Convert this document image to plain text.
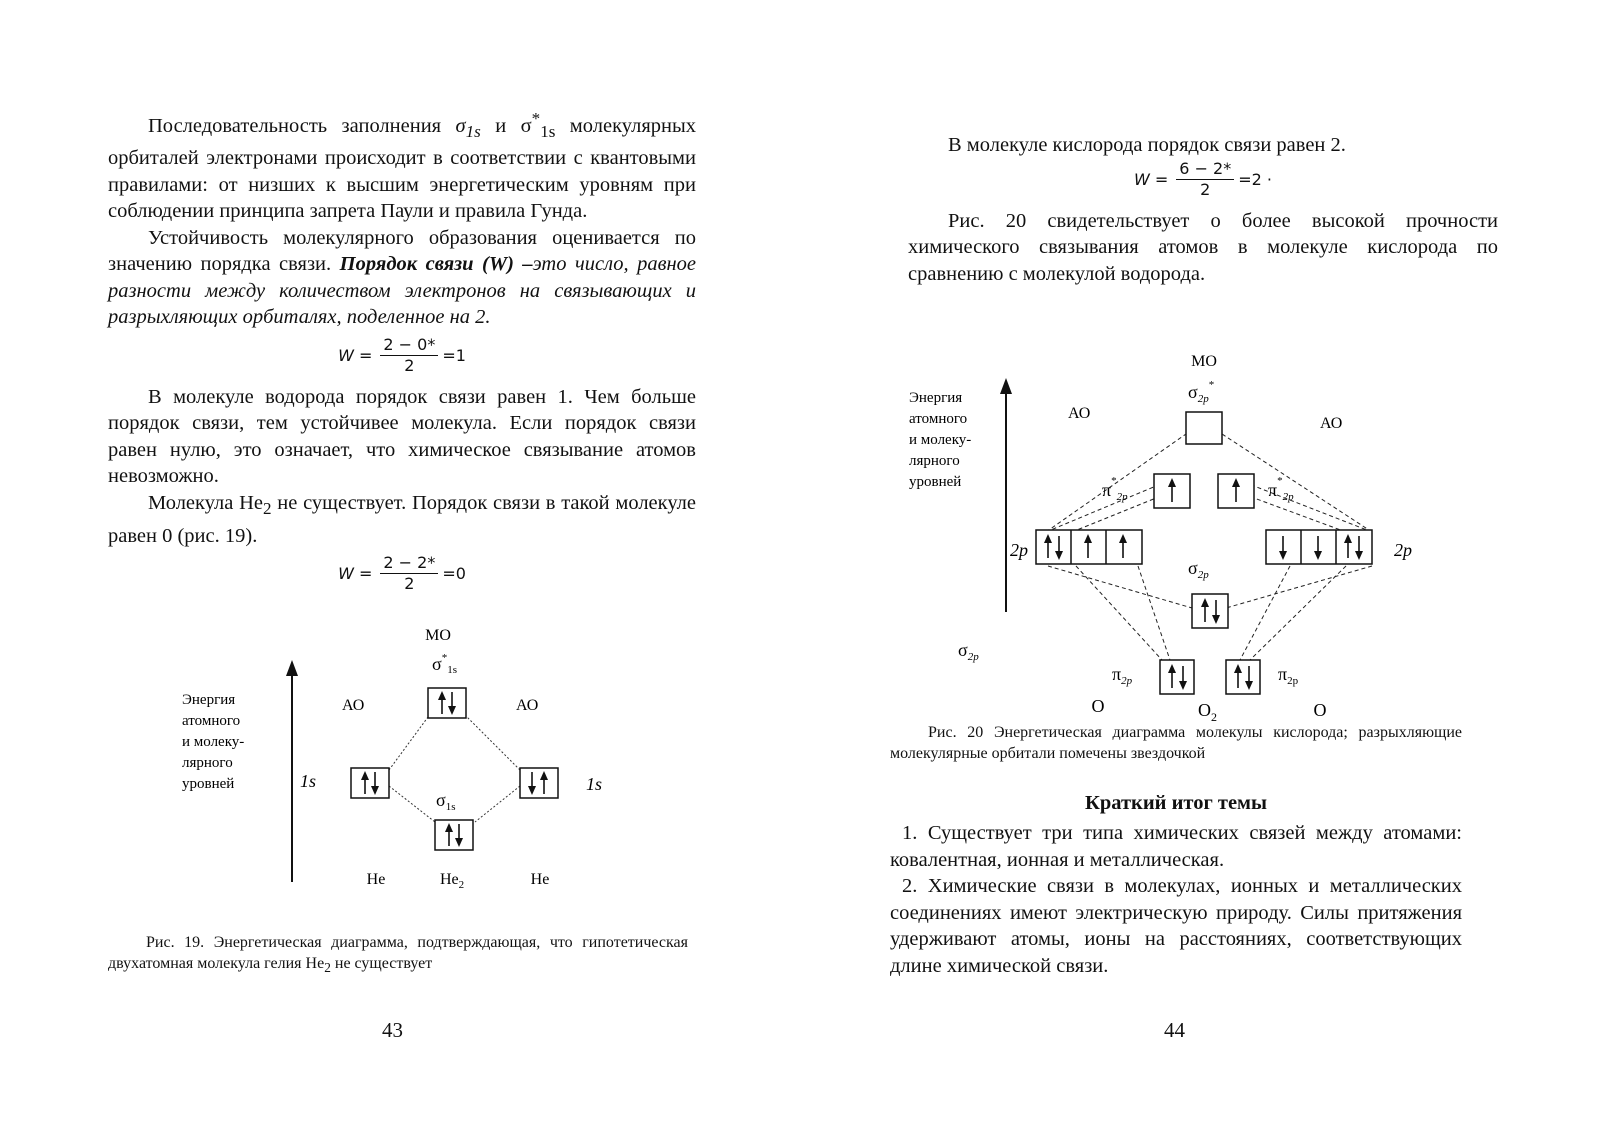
Последовательность заполнения $\sigma_{1s}$ и $\sigma^*_{1s}$ молекулярных орбиталей электронами происходит в соответствии с квантовыми правилами: от низших к высшим энергетическим уровням при соблюдении принципа запрета Паули и правила Гунда.

Устойчивость молекулярного образования оценивается по значению порядка связи. Порядок связи (W) –это число, равное разности между количеством электронов на связывающих и разрыхляющих орбиталях, поделенное на 2.

$W = \frac{2 - 0*}{2} =1$

В молекуле водорода порядок связи равен 1. Чем больше порядок связи, тем устойчивее молекула. Если порядок связи равен нулю, это означает, что химическое связывание атомов невозможно.

Молекула $He_2$ не существует. Порядок связи в такой молекуле равен 0 (рис. 19).

$W = \frac{2 - 2*}{2} =0$
МО
$\sigma^*_{1s}$
АО	АО
Энергия атомного и молеку- лярного уровней	1s	1s
$\sigma_{1s}$
He	$He_2$	He
Рис. 19. Энергетическая диаграмма, подтверждающая, что гипотетическая двухатомная молекула гелия $He_2$ не существует
43

В молекуле кислорода порядок связи равен 2.

$W = \frac{6 - 2*}{2} =2$ ·

Рис. 20 свидетельствует о более высокой прочности химического связывания атомов в молекуле кислорода по сравнению с молекулой водорода.

Энергия атомного и молеку- лярного уровней
МО
АО
АО
$\sigma_{2p}^*$
$\pi^*_{2p}$	$\pi^*_{2p}$
2p	2p
$\sigma_{2p}$
$\sigma_{2p}$
$\pi_{2p}$	$\pi_{2p}$
O	$O_2$	O
Рис. 20 Энергетическая диаграмма молекулы кислорода; разрыхляющие молекулярные орбитали помечены звездочкой
Краткий итог темы

1. Существует три типа химических связей между атомами: ковалентная, ионная и металлическая.

2. Химические связи в молекулах, ионных и металлических соединениях имеют электрическую природу. Силы притяжения удерживают атомы, ионы на расстояниях, соответствующих длине химической связи.

44
